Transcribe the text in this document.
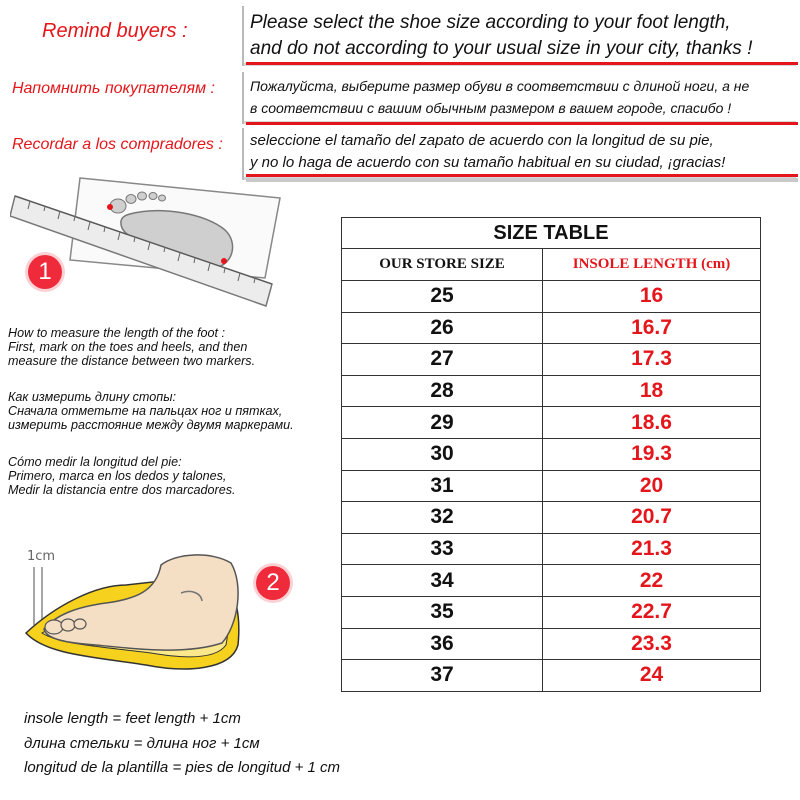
Remind buyers :
Напомнить покупателям :
Recordar a los compradores :
Please select the shoe size according to your foot length,
and do not according to your usual size in your city, thanks !
Пожалуйста, выберите размер обуви в соответствии с длиной ноги, а не
в соответствии с вашим обычным размером в вашем городе, спасибо !
seleccione el tamaño del zapato de acuerdo con la longitud de su pie,
y no lo haga de acuerdo con su tamaño habitual en su ciudad, ¡gracias!
1
How to measure the length of the foot :
First, mark on the toes and heels, and then
measure the distance between two markers.
Как измерить длину стопы:
Сначала отметьте на пальцах ног и пятках,
измерить расстояние между двумя маркерами.
Cómo medir la longitud del pie:
Primero, marca en los dedos y talones,
Medir la distancia entre dos marcadores.
1cm
2
insole length = feet length + 1cm
длина стельки = длина ног + 1см
longitud de la plantilla = pies de longitud + 1 cm
SIZE TABLE	
OUR STORE SIZE	INSOLE LENGTH (cm)
25	16
26	16.7
27	17.3
28	18
29	18.6
30	19.3
31	20
32	20.7
33	21.3
34	22
35	22.7
36	23.3
37	24
